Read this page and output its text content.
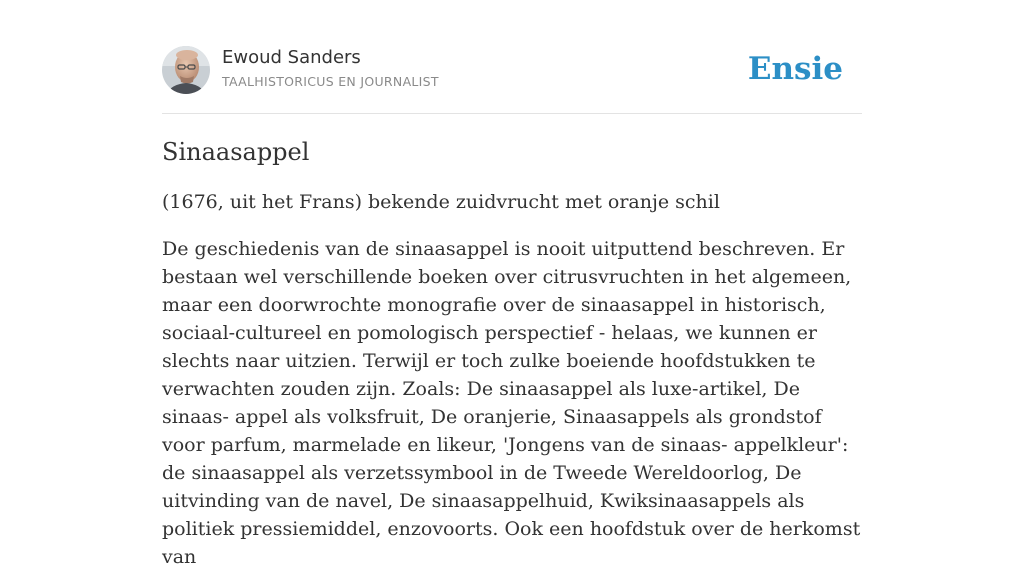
Ewoud Sanders
TAALHISTORICUS EN JOURNALIST	Ensie
Sinaasappel

(1676, uit het Frans) bekende zuidvrucht met oranje schil

De geschiedenis van de sinaasappel is nooit uitputtend beschreven. Er bestaan wel verschillende boeken over citrusvruchten in het algemeen, maar een doorwrochte monografie over de sinaasappel in historisch, sociaal-cultureel en pomologisch perspectief - helaas, we kunnen er slechts naar uitzien. Terwijl er toch zulke boeiende hoofdstukken te verwachten zouden zijn. Zoals: De sinaasappel als luxe-artikel, De sinaas- appel als volksfruit, De oranjerie, Sinaasappels als grondstof voor parfum, marmelade en likeur, 'Jongens van de sinaas- appelkleur': de sinaasappel als verzetssymbool in de Tweede Wereldoorlog, De uitvinding van de navel, De sinaasappelhuid, Kwiksinaasappels als politiek pressiemiddel, enzovoorts. Ook een hoofdstuk over de herkomst van
